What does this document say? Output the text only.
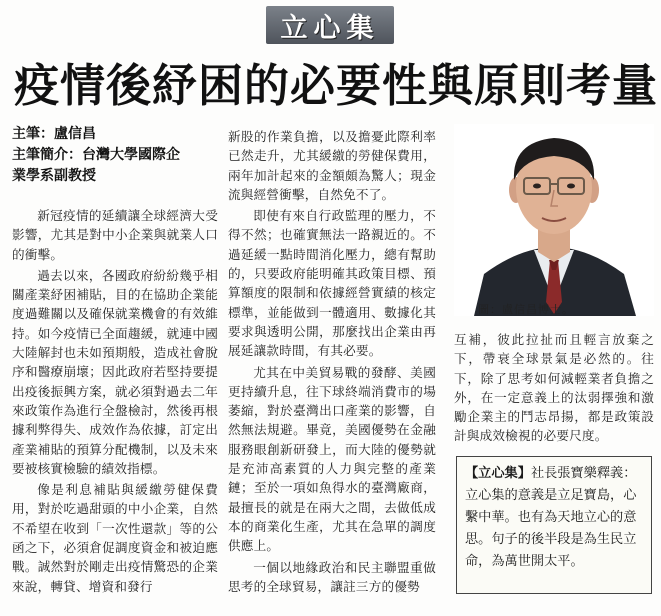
立心集
疫情後紓困的必要性與原則考量
主筆：盧信昌
主筆簡介：台灣大學國際企
業學系副教授

新冠疫情的延續讓全球經濟大受影響，尤其是對中小企業與就業人口的衝擊。

過去以來，各國政府紛紛幾乎相關產業紓困補貼，目的在協助企業能度過難關以及確保就業機會的有效維持。如今疫情已全面趨緩，就連中國大陸解封也未如預期般，造成社會脫序和醫療崩壞；因此政府若堅持要提出疫後振興方案，就必須對過去二年來政策作為進行全盤檢討，然後再根據利弊得失、成效作為依據，訂定出產業補貼的預算分配機制，以及未來要被核實檢驗的績效指標。

像是利息補貼與緩繳勞健保費用，對於吃過甜頭的中小企業，自然不希望在收到「一次性還款」等的公函之下，必須倉促調度資金和被迫應戰。誠然對於剛走出疫情驚恐的企業來說，轉貸、增資和發行

新股的作業負擔，以及擔憂此際利率已然走升，尤其緩繳的勞健保費用，兩年加計起來的金額頗為驚人；現金流與經營衝擊，自然免不了。

即使有來自行政監理的壓力，不得不然；也確實無法一路親近的。不過延緩一點時間消化壓力，總有幫助的，只要政府能明確其政策目標、預算額度的限制和依據經營實績的核定標準，並能做到一體適用、數據化其要求與透明公開，那麼找出企業由再展延讓款時間，有其必要。

尤其在中美貿易戰的發酵、美國更持續升息，往下球終端消費市的場萎縮，對於臺灣出口產業的影響，自然無法規避。畢竟，美國優勢在金融服務眼創新研發上，而大陸的優勢就是充沛高素質的人力與完整的產業鏈；至於一項如魚得水的臺灣廠商，最擅長的就是在兩大之間，去做低成本的商業化生產，尤其在急單的調度供應上。

一個以地緣政治和民主聯盟重做思考的全球貿易，讓註三方的優勢

圖：盧信昌博士。

互補，彼此拉扯而且輕言放棄之下，帶衰全球景氣是必然的。往下，除了思考如何減輕業者負擔之外，在一定意義上的汰弱擇強和激勵企業主的鬥志昂揚，都是政策設計與成效檢視的必要尺度。

【立心集】社長張寶樂釋義：立心集的意義是立足寶島，心繫中華。也有為天地立心的意思。句子的後半段是為生民立命，為萬世開太平。
